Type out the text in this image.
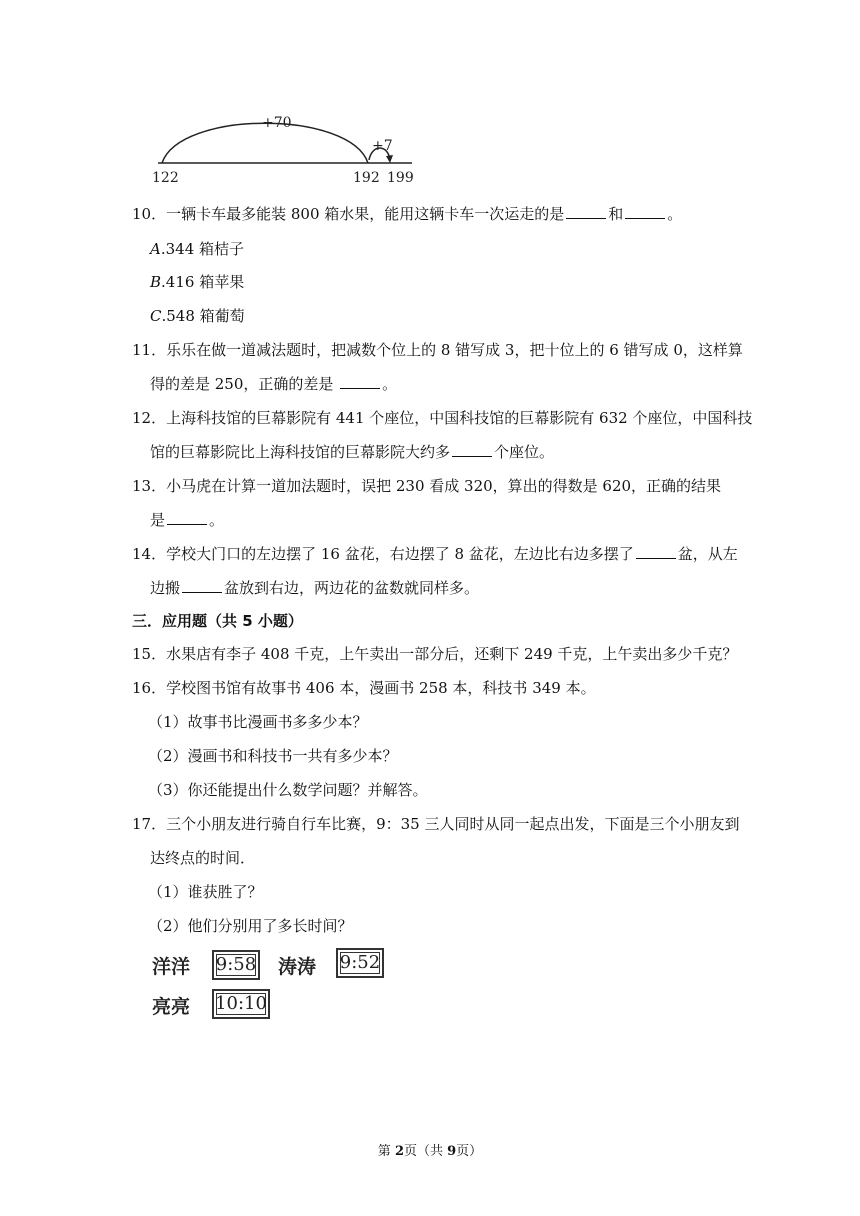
+70
+7
122	192 199
10．一辆卡车最多能装 800 箱水果，能用这辆卡车一次运走的是	和	。
A.344 箱桔子
B.416 箱苹果
C.548 箱葡萄
11．乐乐在做一道减法题时，把减数个位上的 8 错写成 3，把十位上的 6 错写成 0，这样算
得的差是 250，正确的差是	。
12．上海科技馆的巨幕影院有 441 个座位，中国科技馆的巨幕影院有 632 个座位，中国科技
馆的巨幕影院比上海科技馆的巨幕影院大约多	个座位。
13．小马虎在计算一道加法题时，误把 230 看成 320，算出的得数是 620，正确的结果
是	。
14．学校大门口的左边摆了 16 盆花，右边摆了 8 盆花，左边比右边多摆了	盆，从左
边搬	盆放到右边，两边花的盆数就同样多。
三．应用题（共 5 小题）
15．水果店有李子 408 千克，上午卖出一部分后，还剩下 249 千克，上午卖出多少千克？
16．学校图书馆有故事书 406 本，漫画书 258 本，科技书 349 本。
（1）故事书比漫画书多多少本？
（2）漫画书和科技书一共有多少本？
（3）你还能提出什么数学问题？并解答。
17．三个小朋友进行骑自行车比赛，9：35 三人同时从同一起点出发，下面是三个小朋友到
达终点的时间．
（1）谁获胜了？
（2）他们分别用了多长时间？
洋洋 9:58 涛涛 9:52
亮亮 10:10
第 2页（共 9页）
